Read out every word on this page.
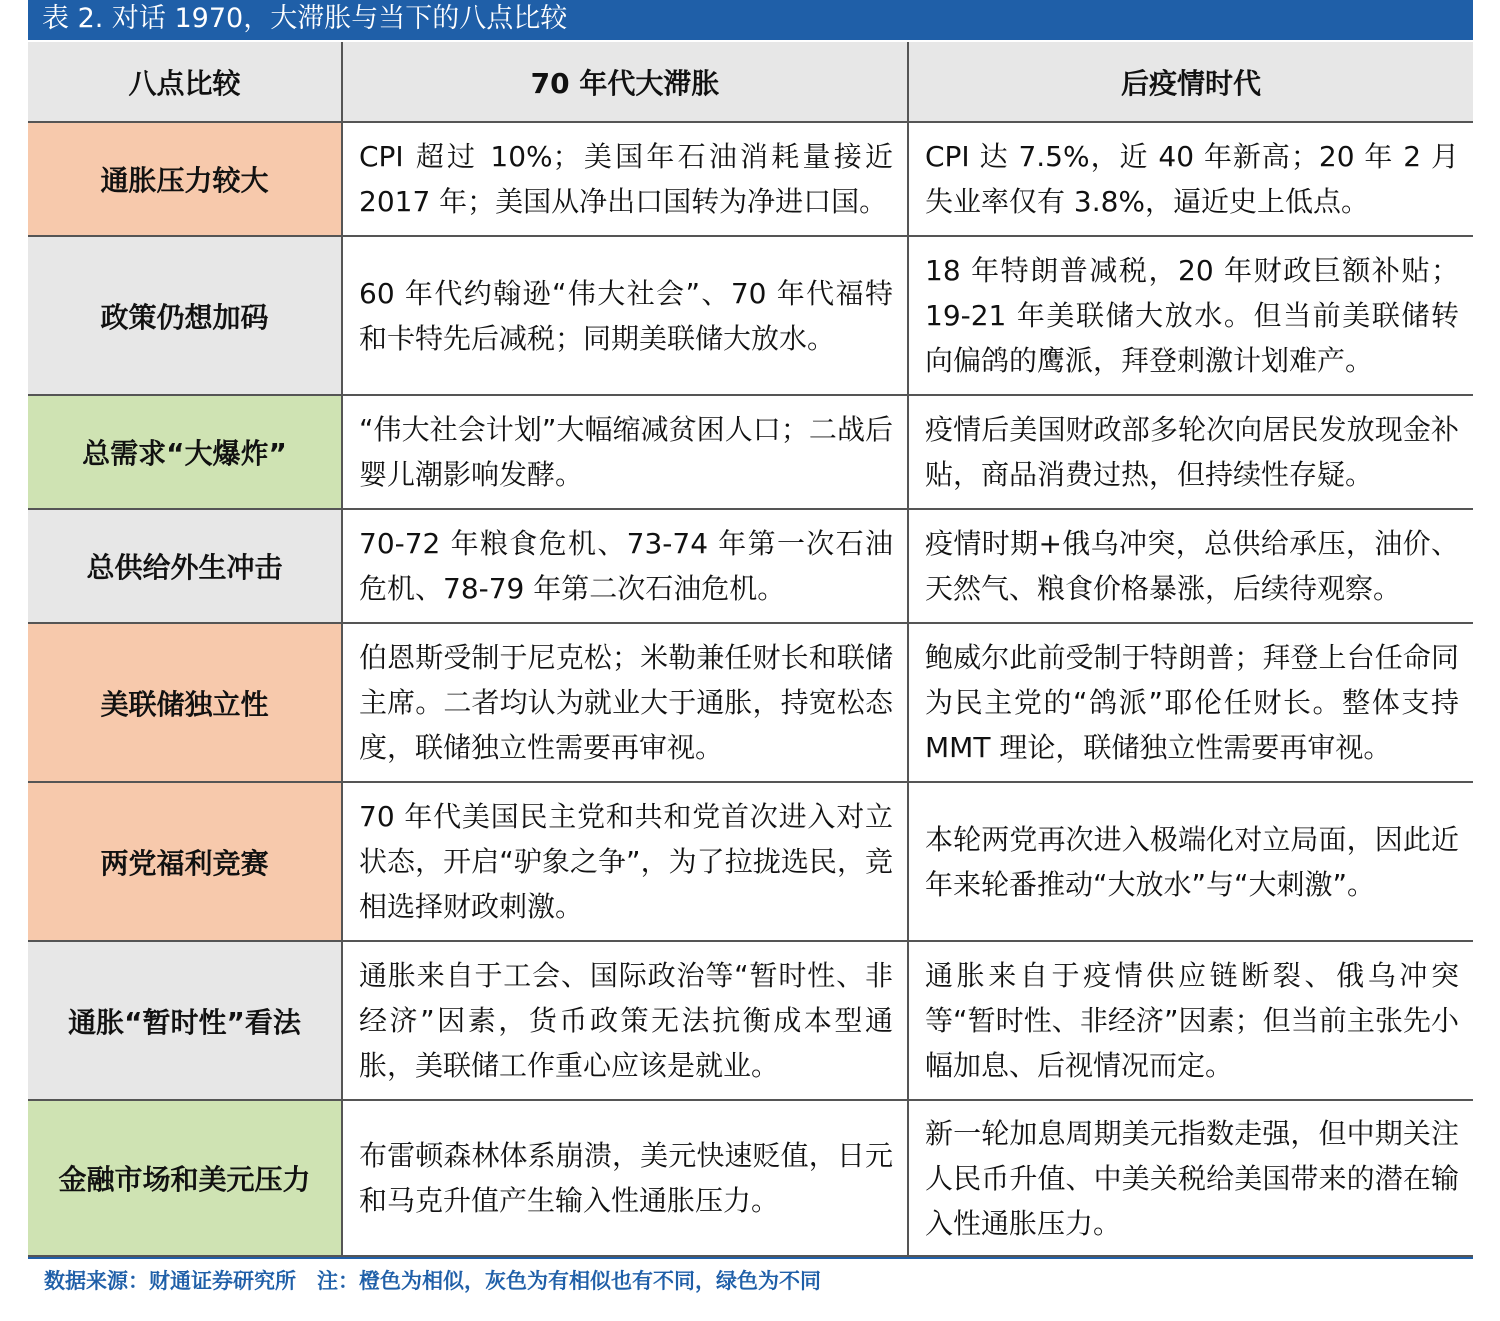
表 2. 对话 1970，大滞胀与当下的八点比较
八点比较	70 年代大滞胀	后疫情时代
通胀压力较大	CPI 超过 10%；美国年石油消耗量接近 2017 年；美国从净出口国转为净进口国。	CPI 达 7.5%，近 40 年新高；20 年 2 月失业率仅有 3.8%，逼近史上低点。
政策仍想加码	60 年代约翰逊“伟大社会”、70 年代福特和卡特先后减税；同期美联储大放水。	18 年特朗普减税，20 年财政巨额补贴；19-21 年美联储大放水。但当前美联储转向偏鸽的鹰派，拜登刺激计划难产。
总需求“大爆炸”	“伟大社会计划”大幅缩减贫困人口；二战后婴儿潮影响发酵。	疫情后美国财政部多轮次向居民发放现金补贴，商品消费过热，但持续性存疑。
总供给外生冲击	70-72 年粮食危机、73-74 年第一次石油危机、78-79 年第二次石油危机。	疫情时期+俄乌冲突，总供给承压，油价、天然气、粮食价格暴涨，后续待观察。
美联储独立性	伯恩斯受制于尼克松；米勒兼任财长和联储主席。二者均认为就业大于通胀，持宽松态度，联储独立性需要再审视。	鲍威尔此前受制于特朗普；拜登上台任命同为民主党的“鸽派”耶伦任财长。整体支持 MMT 理论，联储独立性需要再审视。
两党福利竞赛	70 年代美国民主党和共和党首次进入对立状态，开启“驴象之争”，为了拉拢选民，竞相选择财政刺激。	本轮两党再次进入极端化对立局面，因此近年来轮番推动“大放水”与“大刺激”。
通胀“暂时性”看法	通胀来自于工会、国际政治等“暂时性、非经济”因素，货币政策无法抗衡成本型通胀，美联储工作重心应该是就业。	通胀来自于疫情供应链断裂、俄乌冲突等“暂时性、非经济”因素；但当前主张先小幅加息、后视情况而定。
金融市场和美元压力	布雷顿森林体系崩溃，美元快速贬值，日元和马克升值产生输入性通胀压力。	新一轮加息周期美元指数走强，但中期关注人民币升值、中美关税给美国带来的潜在输入性通胀压力。
数据来源：财通证券研究所　注：橙色为相似，灰色为有相似也有不同，绿色为不同
